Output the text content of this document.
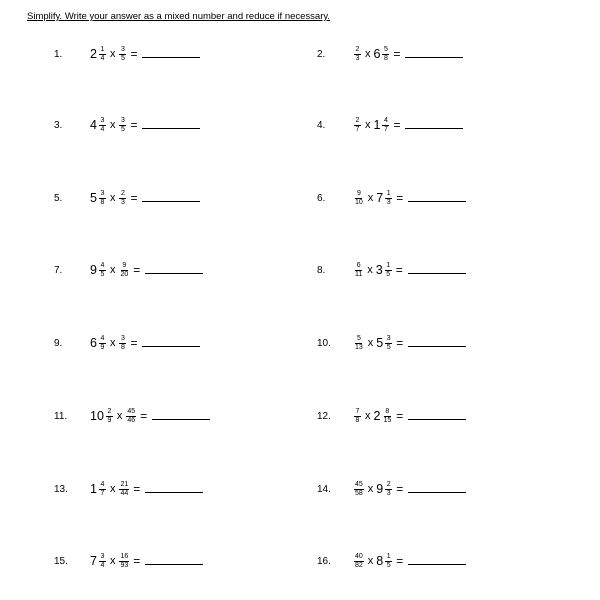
Simplify. Write your answer as a mixed number and reduce if necessary.
1.	$2 \frac{1}{4}$ x $\frac{3}{5}$ =	2.	$\frac{2}{3}$ x $6 \frac{5}{8}$ =
3.	$4 \frac{3}{4}$ x $\frac{3}{5}$ =	4.	$\frac{2}{7}$ x $1 \frac{4}{7}$ =
5.	$5 \frac{3}{8}$ x $\frac{2}{3}$ =	6.	$\frac{9}{10}$ x $7 \frac{1}{3}$ =
7.	$9 \frac{4}{5}$ x $\frac{9}{20}$ =	8.	$\frac{6}{11}$ x $3 \frac{1}{5}$ =
9.	$6 \frac{4}{9}$ x $\frac{3}{8}$ =	10.	$\frac{5}{13}$ x $5 \frac{3}{5}$ =
11.	$10 \frac{2}{9}$ x $\frac{45}{46}$ =	12.	$\frac{7}{8}$ x $2 \frac{8}{15}$ =
13.	$1 \frac{4}{7}$ x $\frac{21}{44}$ =	14.	$\frac{45}{58}$ x $9 \frac{2}{3}$ =
15.	$7 \frac{3}{4}$ x $\frac{16}{93}$ =	16.	$\frac{40}{82}$ x $8 \frac{1}{5}$ =
